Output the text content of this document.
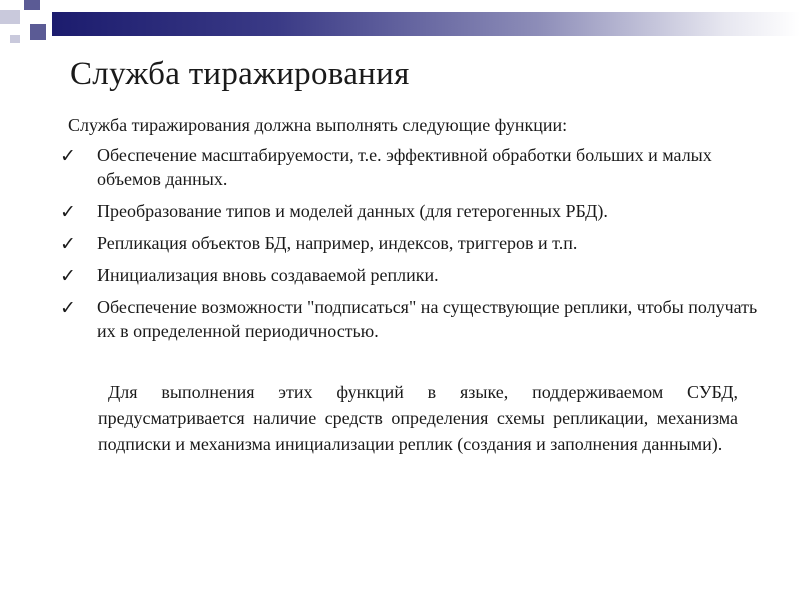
Служба тиражирования
Служба тиражирования должна выполнять следующие функции:
✓ Обеспечение масштабируемости, т.е. эффективной обработки больших и малых объемов данных.
✓ Преобразование типов и моделей данных (для гетерогенных РБД).
✓ Репликация объектов БД, например, индексов, триггеров и т.п.
✓ Инициализация вновь создаваемой реплики.
✓ Обеспечение возможности "подписаться" на существующие реплики, чтобы получать их в определенной периодичностью.

Для выполнения этих функций в языке, поддерживаемом СУБД, предусматривается наличие средств определения схемы репликации, механизма подписки и механизма инициализации реплик (создания и заполнения данными).
